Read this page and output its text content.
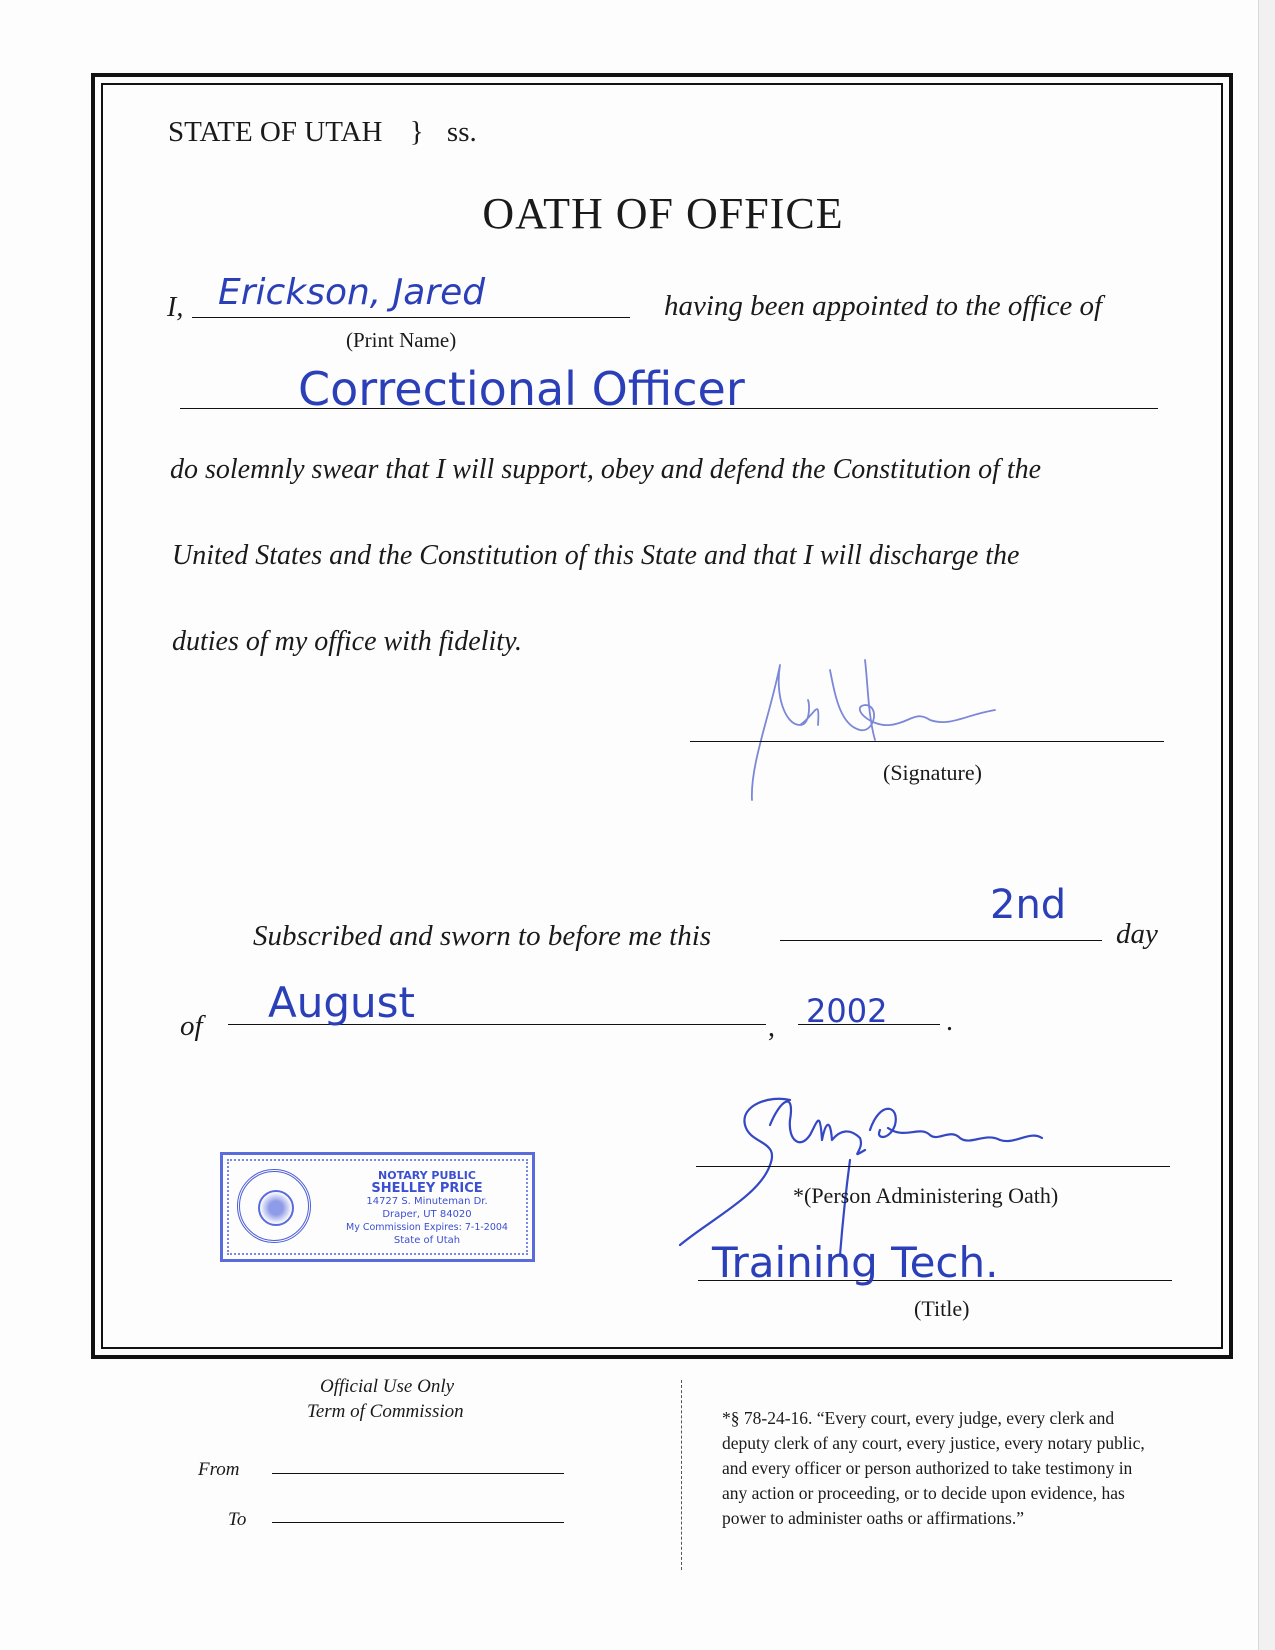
STATE OF UTAH } ss.
OATH OF OFFICE
I, Erickson, Jared
(Print Name)
having been appointed to the office of
Correctional Officer
do solemnly swear that I will support, obey and defend the Constitution of the
United States and the Constitution of this State and that I will discharge the
duties of my office with fidelity.
(Signature)
Subscribed and sworn to before me this
2nd
day
of August
, 2002 .
NOTARY PUBLIC
SHELLEY PRICE
14727 S. Minuteman Dr.
Draper, UT 84020
My Commission Expires: 7-1-2004
State of Utah
*(Person Administering Oath)
Training Tech.
(Title)
Official Use Only
Term of Commission
From
To
*§ 78-24-16. “Every court, every judge, every clerk and
deputy clerk of any court, every justice, every notary public,
and every officer or person authorized to take testimony in
any action or proceeding, or to decide upon evidence, has
power to administer oaths or affirmations.”
